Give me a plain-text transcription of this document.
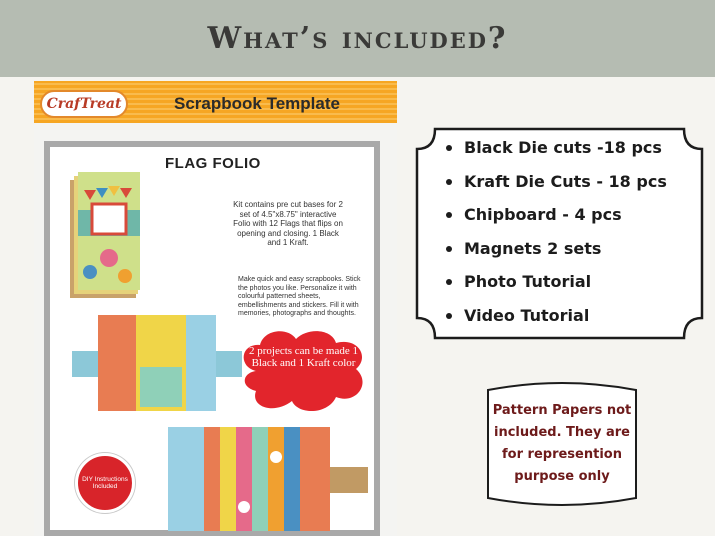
What’s included?
CrafTreat	Scrapbook Template
FLAG FOLIO
2 projects can be made 1 Black and 1 Kraft color
Kit contains pre cut bases for 2 set of 4.5"x8.75" interactive Folio with 12 Flags that flips on opening and closing. 1 Black and 1 Kraft.
Make quick and easy scrapbooks. Stick the photos you like. Personalize it with colourful patterned sheets, embellishments and stickers. Fill it with memories, photographs and thoughts.
DIY Instructions Included
Black Die cuts -18 pcs
Kraft Die Cuts - 18 pcs
Chipboard - 4 pcs
Magnets 2 sets
Photo Tutorial
Video Tutorial
Pattern Papers not included. They are for represention purpose only
